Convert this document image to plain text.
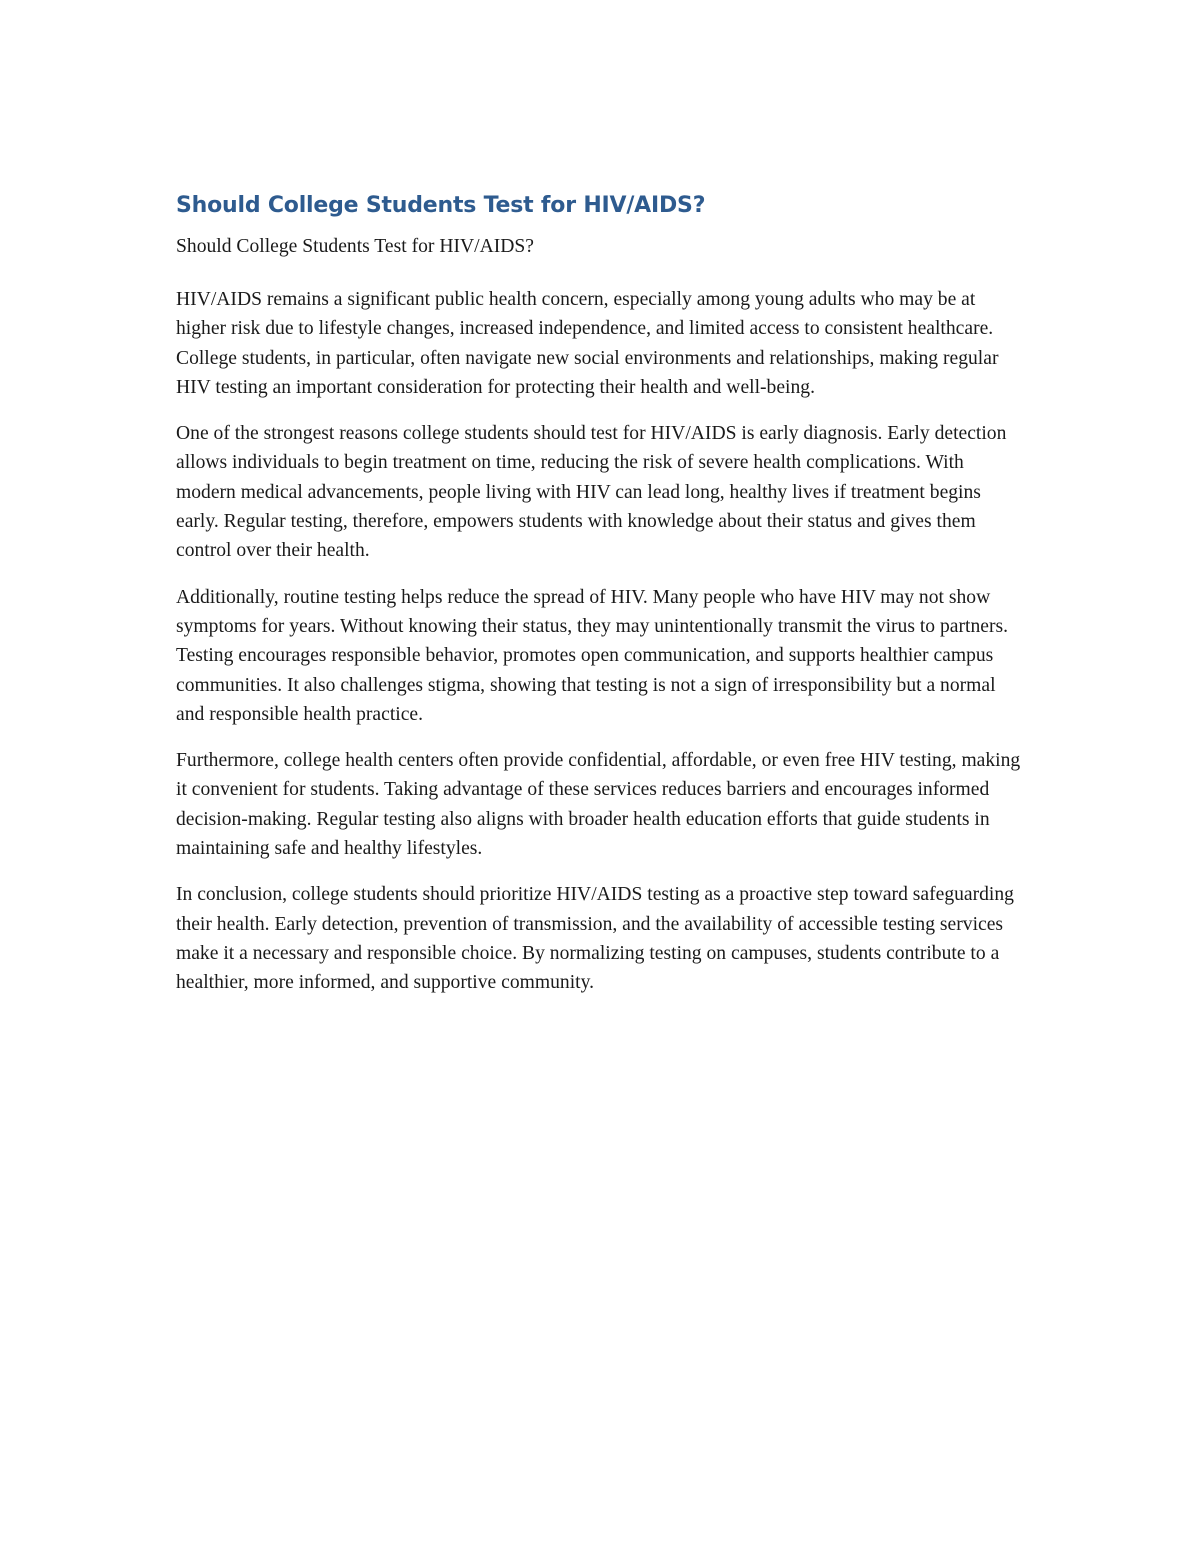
Should College Students Test for HIV/AIDS?

Should College Students Test for HIV/AIDS?

HIV/AIDS remains a significant public health concern, especially among young adults who may be at higher risk due to lifestyle changes, increased independence, and limited access to consistent healthcare. College students, in particular, often navigate new social environments and relationships, making regular HIV testing an important consideration for protecting their health and well-being.

One of the strongest reasons college students should test for HIV/AIDS is early diagnosis. Early detection allows individuals to begin treatment on time, reducing the risk of severe health complications. With modern medical advancements, people living with HIV can lead long, healthy lives if treatment begins early. Regular testing, therefore, empowers students with knowledge about their status and gives them control over their health.

Additionally, routine testing helps reduce the spread of HIV. Many people who have HIV may not show symptoms for years. Without knowing their status, they may unintentionally transmit the virus to partners. Testing encourages responsible behavior, promotes open communication, and supports healthier campus communities. It also challenges stigma, showing that testing is not a sign of irresponsibility but a normal and responsible health practice.

Furthermore, college health centers often provide confidential, affordable, or even free HIV testing, making it convenient for students. Taking advantage of these services reduces barriers and encourages informed decision-making. Regular testing also aligns with broader health education efforts that guide students in maintaining safe and healthy lifestyles.

In conclusion, college students should prioritize HIV/AIDS testing as a proactive step toward safeguarding their health. Early detection, prevention of transmission, and the availability of accessible testing services make it a necessary and responsible choice. By normalizing testing on campuses, students contribute to a healthier, more informed, and supportive community.
